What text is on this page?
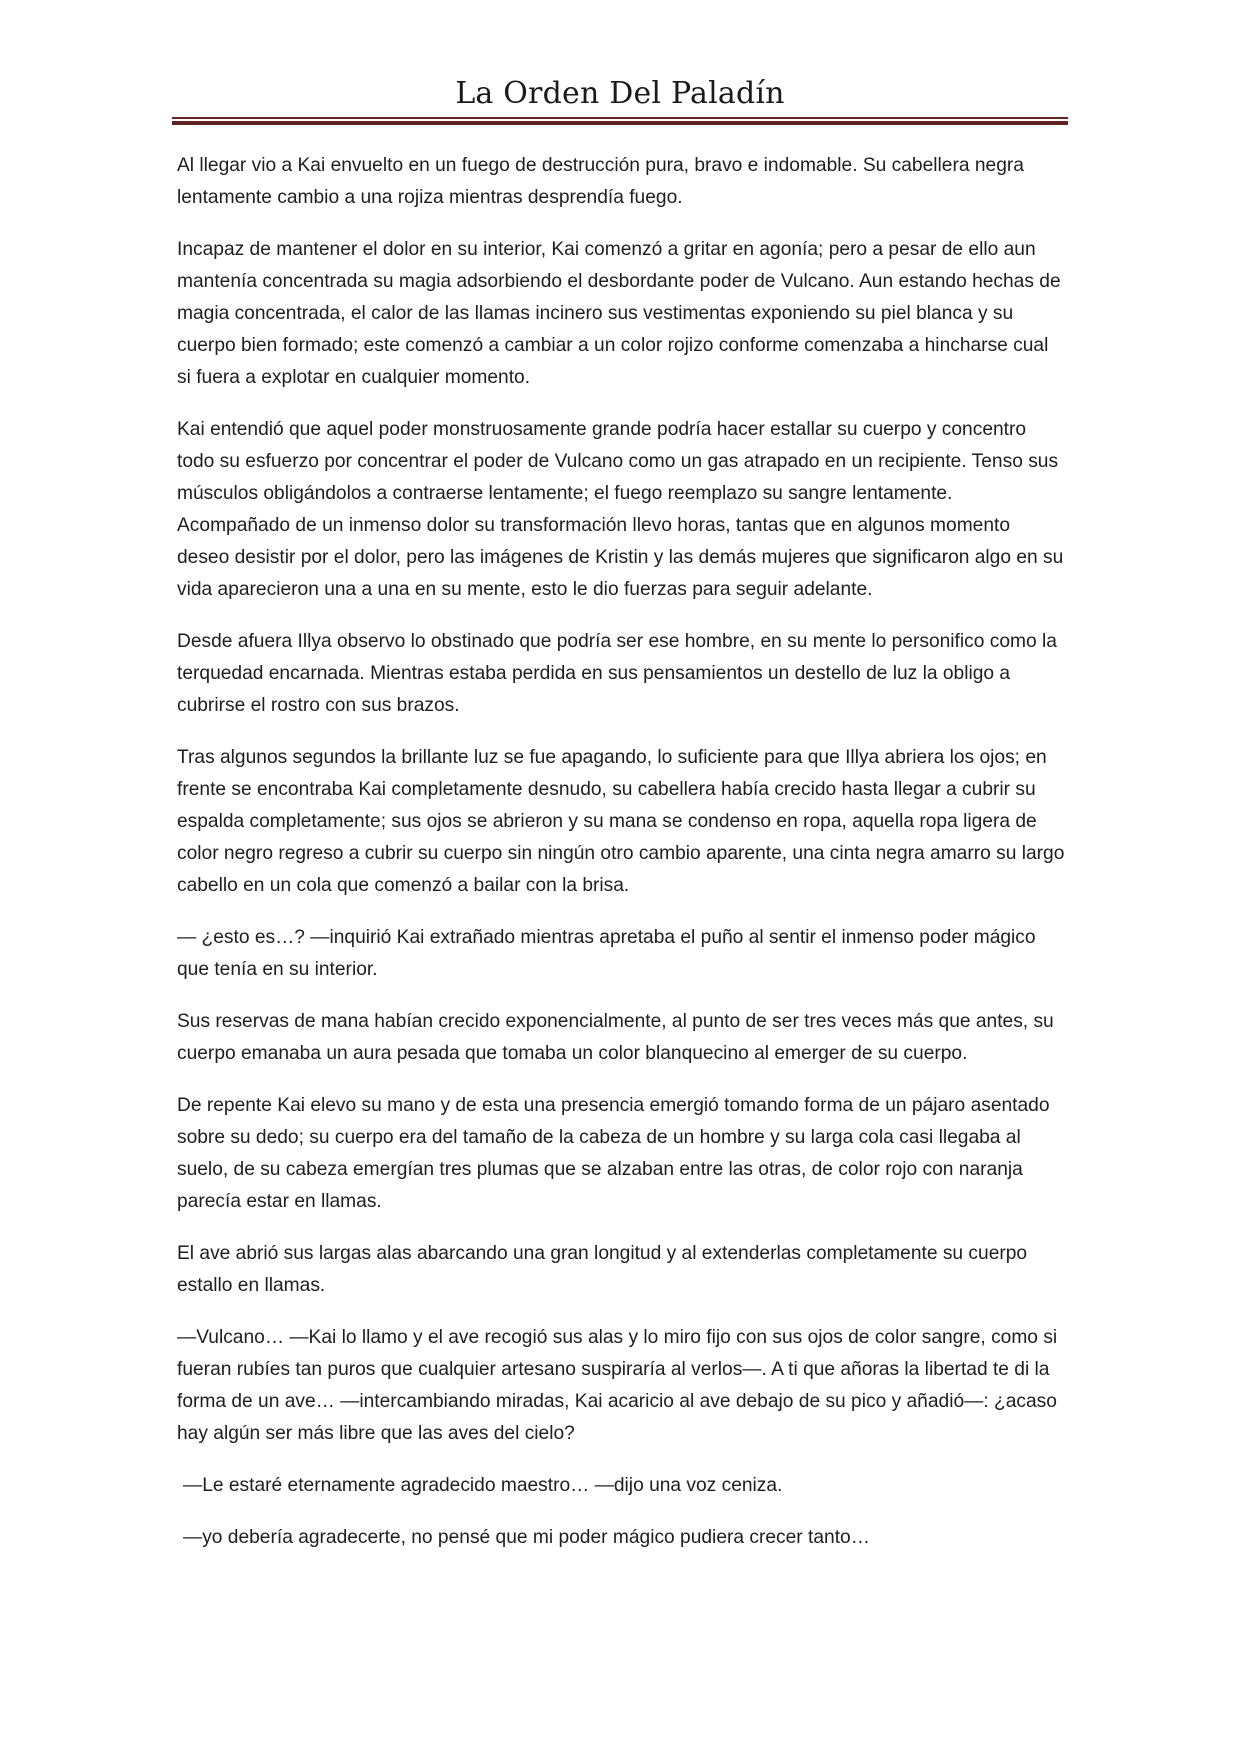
La Orden Del Paladín

Al llegar vio a Kai envuelto en un fuego de destrucción pura, bravo e indomable. Su cabellera negra lentamente cambio a una rojiza mientras desprendía fuego.

Incapaz de mantener el dolor en su interior, Kai comenzó a gritar en agonía; pero a pesar de ello aun mantenía concentrada su magia adsorbiendo el desbordante poder de Vulcano. Aun estando hechas de magia concentrada, el calor de las llamas incinero sus vestimentas exponiendo su piel blanca y su cuerpo bien formado; este comenzó a cambiar a un color rojizo conforme comenzaba a hincharse cual si fuera a explotar en cualquier momento.

Kai entendió que aquel poder monstruosamente grande podría hacer estallar su cuerpo y concentro todo su esfuerzo por concentrar el poder de Vulcano como un gas atrapado en un recipiente. Tenso sus músculos obligándolos a contraerse lentamente; el fuego reemplazo su sangre lentamente. Acompañado de un inmenso dolor su transformación llevo horas, tantas que en algunos momento deseo desistir por el dolor, pero las imágenes de Kristin y las demás mujeres que significaron algo en su vida aparecieron una a una en su mente, esto le dio fuerzas para seguir adelante.

Desde afuera Illya observo lo obstinado que podría ser ese hombre, en su mente lo personifico como la terquedad encarnada. Mientras estaba perdida en sus pensamientos un destello de luz la obligo a cubrirse el rostro con sus brazos.

Tras algunos segundos la brillante luz se fue apagando, lo suficiente para que Illya abriera los ojos; en frente se encontraba Kai completamente desnudo, su cabellera había crecido hasta llegar a cubrir su espalda completamente; sus ojos se abrieron y su mana se condenso en ropa, aquella ropa ligera de color negro regreso a cubrir su cuerpo sin ningún otro cambio aparente, una cinta negra amarro su largo cabello en un cola que comenzó a bailar con la brisa.

— ¿esto es…? —inquirió Kai extrañado mientras apretaba el puño al sentir el inmenso poder mágico que tenía en su interior.

Sus reservas de mana habían crecido exponencialmente, al punto de ser tres veces más que antes, su cuerpo emanaba un aura pesada que tomaba un color blanquecino al emerger de su cuerpo.

De repente Kai elevo su mano y de esta una presencia emergió tomando forma de un pájaro asentado sobre su dedo; su cuerpo era del tamaño de la cabeza de un hombre y su larga cola casi llegaba al suelo, de su cabeza emergían tres plumas que se alzaban entre las otras, de color rojo con naranja parecía estar en llamas.

El ave abrió sus largas alas abarcando una gran longitud y al extenderlas completamente su cuerpo estallo en llamas.

—Vulcano… —Kai lo llamo y el ave recogió sus alas y lo miro fijo con sus ojos de color sangre, como si fueran rubíes tan puros que cualquier artesano suspiraría al verlos—. A ti que añoras la libertad te di la forma de un ave… —intercambiando miradas, Kai acaricio al ave debajo de su pico y añadió—: ¿acaso hay algún ser más libre que las aves del cielo?

—Le estaré eternamente agradecido maestro… —dijo una voz ceniza.

—yo debería agradecerte, no pensé que mi poder mágico pudiera crecer tanto…
